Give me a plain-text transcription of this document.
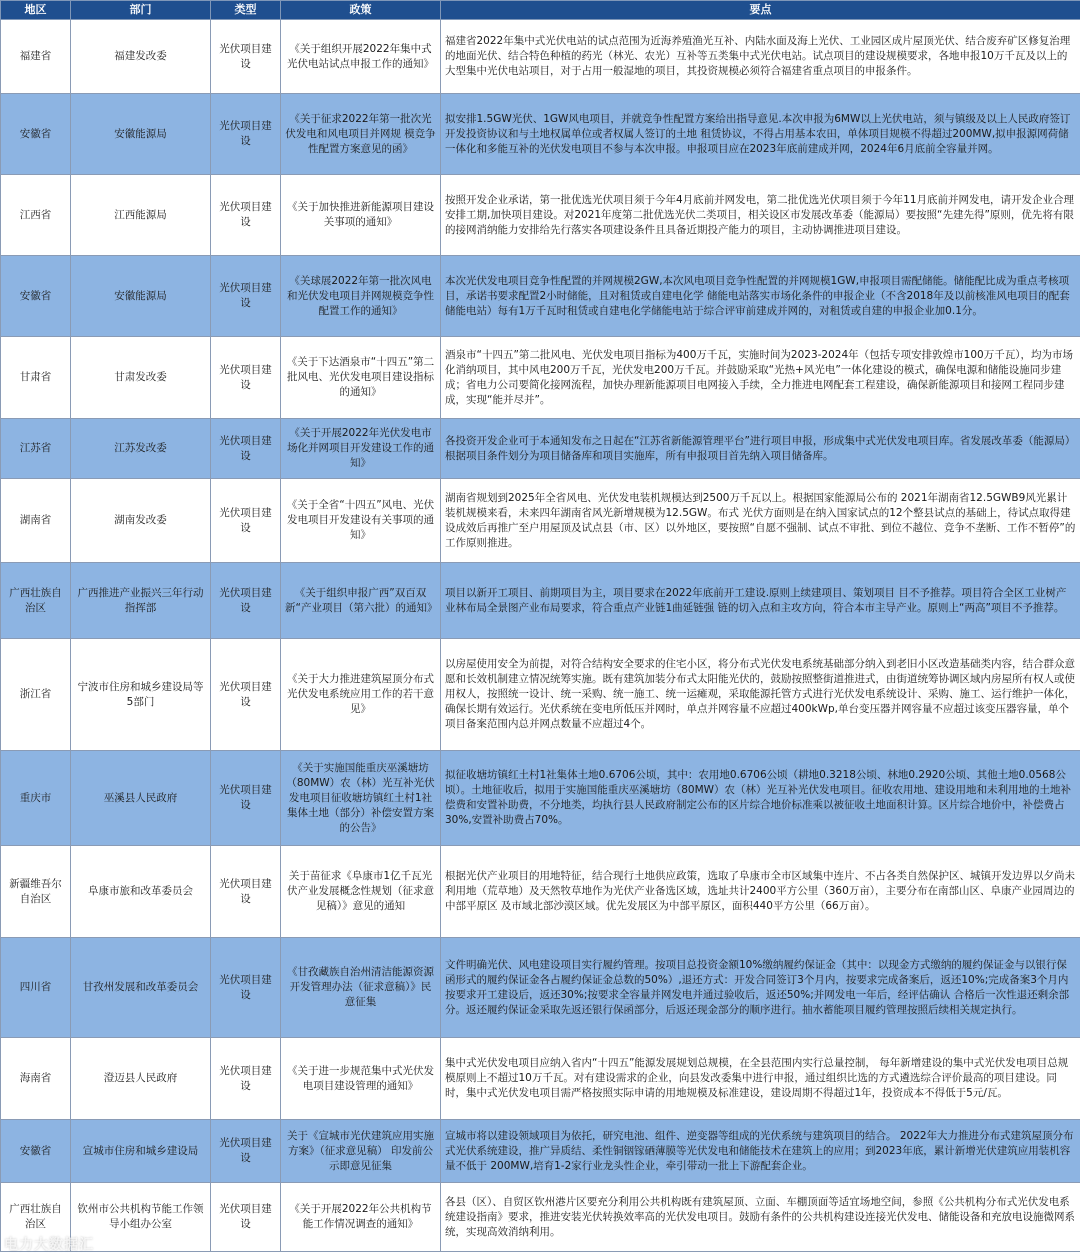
地区	部门	类型	政策	要点
福建省	福建发改委	光伏项目建设	《关于组织开展2022年集中式光伏电站试点申报工作的通知》	福建省2022年集中式光伏电站的试点范围为近海养殖渔光互补、内陆水面及海上光伏、工业园区成片屋顶光伏、结合废弃矿区修复治理的地面光伏、结合特色种植的药光（林光、农光）互补等五类集中式光伏电站。试点项目的建设规模要求，各地申报10万千瓦及以上的大型集中光伏电站项目，对于占用一般湿地的项目，其投资规模必须符合福建省重点项目的申报条件。
安徽省	安徽能源局	光伏项目建设	《关于征求2022年第一批次光伏发电和风电项目并网规 模竞争性配置方案意见的函》	拟安排1.5GW光伏、1GW风电项目，并就竞争性配置方案给出指导意见.本次申报为6MW以上光伏电站，须与镇级及以上人民政府签订开发投资协议和与土地权属单位或者权属人签订的土地 租赁协议，不得占用基本农田，单体项目规模不得超过200MW,拟申报源网荷储一体化和多能互补的光伏发电项目不参与本次申报。申报项目应在2023年底前建成并网，2024年6月底前全容量并网。
江西省	江西能源局	光伏项目建设	《关于加快推进新能源项目建设关事项的通知》	按照开发企业承诺，第一批优选光伏项目须于今年4月底前并网发电，第二批优选光伏项目须于今年11月底前并网发电，请开发企业合理安排工期,加快项目建设。对2021年度第二批优选光伏二类项目，相关设区市发展改革委（能源局）要按照“先建先得”原则，优先将有限的接网消纳能力安排给先行落实各项建设条件且具备近期投产能力的项目，主动协调推进项目建设。
安徽省	安徽能源局	光伏项目建设	《关球展2022年第一批次风电和光伏发电项目并网规模竞争性配置工作的通知》	本次光伏发电项目竞争性配置的并网规模2GW,本次风电项目竞争性配置的并网规模1GW,申报项目需配储能。储能配比成为重点考核项目，承诺书要求配置2小时储能，且对租赁或自建电化学 储能电站落实市场化条件的申报企业（不含2018年及以前核准风电项目的配套储能电站）每有1万千瓦时租赁或自建电化学储能电站于综合评审前建成并网的，对租赁或自建的申报企业加0.1分。
甘肃省	甘肃发改委	光伏项目建设	《关于下达酒泉市“十四五”第二批风电、光伏发电项目建设指标的通知》	酒泉市“十四五”第二批风电、光伏发电项目指标为400万千瓦，实施时间为2023-2024年（包括专项安排敦煌市100万千瓦），均为市场化消纳项目，其中风电200万千瓦，光伏发电200万千瓦。并鼓励采取“光热+风光电”一体化建设的模式，确保电源和储能设施同步建成；省电力公司要简化接网流程，加快办理新能源项目电网接入手续，全力推进电网配套工程建设，确保新能源项目和接网工程同步建成，实现“能并尽并”。
江苏省	江苏发改委	光伏项目建设	《关于开展2022年光伏发电市场化并网项目开发建设工作的通知》	各投资开发企业可于本通知发布之日起在“江苏省新能源管理平台”进行项目申报，形成集中式光伏发电项目库。省发展改革委（能源局）根据项目条件划分为项目储备库和项目实施库，所有申报项目首先纳入项目储备库。
湖南省	湖南发改委	光伏项目建设	《关于全省“十四五”风电、光伏发电项目开发建设有关事项的通知》	湖南省规划到2025年全省风电、光伏发电装机规模达到2500万千瓦以上。根据国家能源局公布的 2021年湖南省12.5GWB9风光累计装机规模来看，未来四年湖南省风光新增规模为12.5GW。布式 光伏方面则是在纳入国家试点的12个整县试点的基础上，待试点取得建设成效后再推广至户用屋顶及试点县（市、区）以外地区，要按照“自愿不强制、试点不审批、到位不越位、竞争不垄断、工作不暂停”的工作原则推进。
广西壮族自治区	广西推进产业振兴三年行动指挥部	光伏项目建设	《关于组织申报广西”双百双新“产业项目（第六批）的通知》	项目以新开工项目、前期项目为主，项目要求在2022年底前开工建设.原则上续建项目、策划项目 目不予推荐。项目符合全区工业树产业林布局全景图产业布局要求，符合重点产业链1曲延链强 链的切入点和主攻方向，符合本市主导产业。原则上“两高”项目不予推荐。
浙江省	宁波市住房和城乡建设局等5部门	光伏项目建设	《关于大力推进建筑屋顶分布式光伏发电系统应用工作的若干意见》	以房屋使用安全为前提，对符合结构安全要求的住宅小区，将分布式光伏发电系统基础部分纳入到老旧小区改造基础类内容，结合群众意愿和长效机制建立情况统筹实施。既有建筑加装分布式太阳能光伏的，鼓励按照整街道推进式，由街道统筹协调区域内房屋所有权人或使用权人，按照统一设计、统一采购、统一施工、统一运瘫观，采取能源托管方式进行光伏发电系统设计、采购、施工、运行维护一体化，确保长期有效运行。光伏系统在变电所低压并网时，单点并网容量不应超过400kWp,单台变压器并网容量不应超过该变压器容量，单个项目备案范围内总并网点数量不应超过4个。
重庆市	巫溪县人民政府	光伏项目建设	《关于实施国能重庆巫溪塘坊（80MW）农（林）光互补光伏发电项目征收塘坊镇红土村1社集体土地（部分）补偿安置方案的公告》	拟征收塘坊镇红土村1社集体土地0.6706公顷，其中：农用地0.6706公顷（耕地0.3218公顷、林地0.2920公顷、其他土地0.0568公顷）。土地征收后，拟用于实施国能重庆巫溪塘坊（80MW）农（林）光互补光伏发电项目。征收农用地、建设用地和未利用地的土地补偿费和安置补助费，不分地类，均执行县人民政府制定公布的区片综合地价标准乘以被征收土地面积计算。区片综合地价中，补偿费占30%,安置补助费占70%。
新疆维吾尔自治区	阜康市旅和改革委员会	光伏项目建设	关于苗征求《阜康市1亿千瓦光伏产业发展概念性规划（征求意见稿）》意见的通知	根据光伏产业项目的用地特征，结合现行土地供应政策，选取了阜康市全市区域集中连片、不占各类自然保护区、城镇开发边界以夕尚未利用地（荒草地）及天然牧草地作为光伏产业备选区域，选址共计2400平方公里（360万亩），主要分布在南部山区、阜康产业园周边的中部平原区 及市域北部沙漠区域。优先发展区为中部平原区，面积440平方公里（66万亩）。
四川省	甘孜州发展和改革委员会	光伏项目建设	《甘孜藏族自治州清洁能源资源开发管理办法（征求意稿）》民意征集	文件明确光伏、风电建设项目实行履约管理。按项目总投资金额10%缴纳履约保证金（其中：以现金方式缴纳的履约保证金与以银行保函形式的履约保证金各占履约保证金总数的50%）,退还方式：开发合同签订3个月内，按要求完成备案后，返还10%;完成备案3个月内按要求开工建设后，返还30%;按要求全容量并网发电并通过验收后，返还50%;并网发电一年后，经评估确认 合格后一次性退还剩余部分。返还履约保证金采取先返还银行保函部分，后返还现金部分的顺序进行。抽水蓄能项目履约管理按照后续相关规定执行。
海南省	澄迈县人民政府	光伏项目建设	《关于进一步规范集中式光伏发电项目建设管理的通知》	集中式光伏发电项目应纳入省内“十四五”能源发展规划总规模，在全县范围内实行总量控制， 每年新增建设的集中式光伏发电项目总规模原则上不超过10万千瓦。对有建设需求的企业，向县发改委集中进行申报，通过组织比选的方式遴选综合评价最高的项目建设。同时，集中式光伏发电项目需严格按照实际申请的用地规模及标准建设，建设周期不得超过1年，投资成本不得低于5元/瓦。
安徽省	宣城市住房和城乡建设局	光伏项目建设	关于《宣城市光伏建筑应用实施方案》（征求意见稿） 印发前公示即意见征集	宣城市将以建设领域项目为依托，研究电池、组件、逆变器等组成的光伏系统与建筑项目的结合。 2022年大力推进分布式建筑屋顶分布式光伏系统建设，推广异质结、柔性铜铟镓硒薄膜等光伏发电和储能技术在建筑上的应用；到2023年底，累计新增光伏建筑应用装机容量不低于 200MW,培育1-2家行业龙头性企业，牵引带动一批上下游配套企业。
广西壮族自治区	钦州市公共机构节能工作领导小组办公室	光伏项目建设	《关于开展2022年公共机构节能工作情况调查的通知》	各县（区）、自贸区钦州港片区要充分利用公共机构既有建筑屋顶、立面、车棚顶面等适宜场地空间，参照《公共机构分布式光伏发电系统建设指南》要求，推进安装光伏转换效率高的光伏发电项目。鼓励有条件的公共机构建设连接光伏发电、储能设备和充放电设施微网系统，实现高效消纳利用。
电力大数据汇
